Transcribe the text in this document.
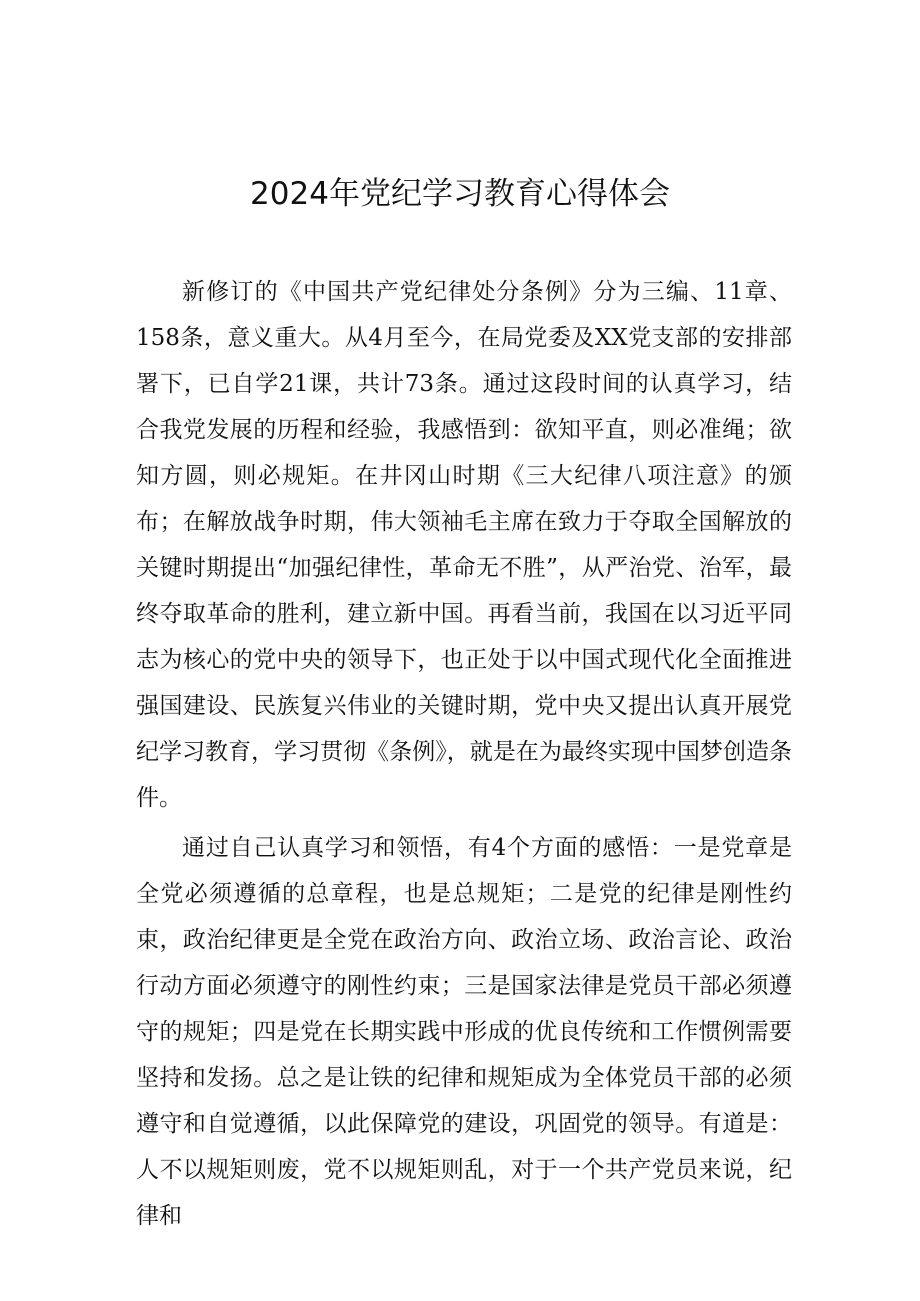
2024年党纪学习教育心得体会

新修订的《中国共产党纪律处分条例》分为三编、11章、158条，意义重大。从4月至今，在局党委及XX党支部的安排部署下，已自学21课，共计73条。通过这段时间的认真学习，结合我党发展的历程和经验，我感悟到：欲知平直，则必准绳；欲知方圆，则必规矩。在井冈山时期《三大纪律八项注意》的颁布；在解放战争时期，伟大领袖毛主席在致力于夺取全国解放的关键时期提出“加强纪律性，革命无不胜”，从严治党、治军，最终夺取革命的胜利，建立新中国。再看当前，我国在以习近平同志为核心的党中央的领导下，也正处于以中国式现代化全面推进强国建设、民族复兴伟业的关键时期，党中央又提出认真开展党纪学习教育，学习贯彻《条例》，就是在为最终实现中国梦创造条件。

通过自己认真学习和领悟，有4个方面的感悟：一是党章是全党必须遵循的总章程，也是总规矩；二是党的纪律是刚性约束，政治纪律更是全党在政治方向、政治立场、政治言论、政治行动方面必须遵守的刚性约束；三是国家法律是党员干部必须遵守的规矩；四是党在长期实践中形成的优良传统和工作惯例需要坚持和发扬。总之是让铁的纪律和规矩成为全体党员干部的必须遵守和自觉遵循，以此保障党的建设，巩固党的领导。有道是：人不以规矩则废，党不以规矩则乱，对于一个共产党员来说，纪律和
